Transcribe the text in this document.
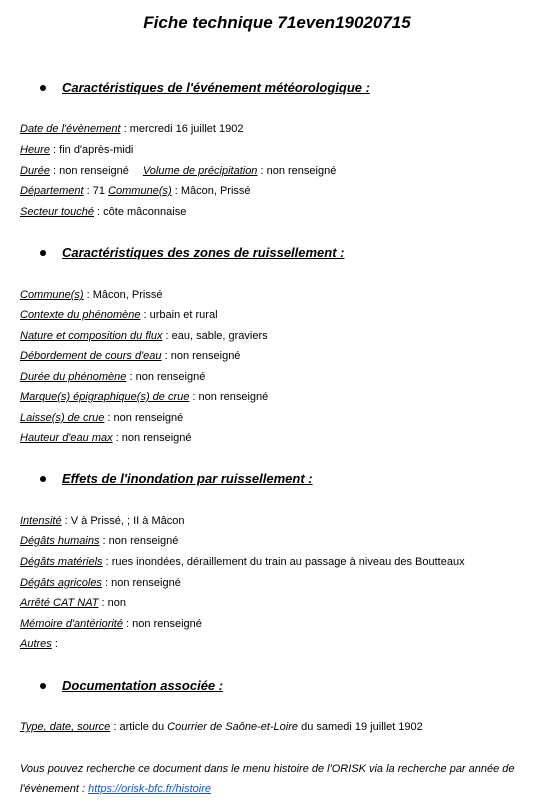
Fiche technique 71even19020715
Caractéristiques de l'événement météorologique :
Date de l'évènement : mercredi 16 juillet 1902
Heure : fin d'après-midi
Durée : non renseigné Volume de précipitation : non renseigné
Département : 71 Commune(s) : Mâcon, Prissé
Secteur touché : côte mâconnaise
Caractéristiques des zones de ruissellement :
Commune(s) : Mâcon, Prissé
Contexte du phénomène : urbain et rural
Nature et composition du flux : eau, sable, graviers
Débordement de cours d'eau : non renseigné
Durée du phénomène : non renseigné
Marque(s) épigraphique(s) de crue : non renseigné
Laisse(s) de crue : non renseigné
Hauteur d'eau max : non renseigné
Effets de l'inondation par ruissellement :
Intensité : V à Prissé, ; II à Mâcon
Dégâts humains : non renseigné
Dégâts matériels : rues inondées, déraillement du train au passage à niveau des Boutteaux
Dégâts agricoles : non renseigné
Arrêté CAT NAT : non
Mémoire d'antériorité : non renseigné
Autres :
Documentation associée :
Type, date, source : article du Courrier de Saône-et-Loire du samedi 19 juillet 1902
Vous pouvez recherche ce document dans le menu histoire de l'ORISK via la recherche par année de
l'évènement : https://orisk-bfc.fr/histoire
